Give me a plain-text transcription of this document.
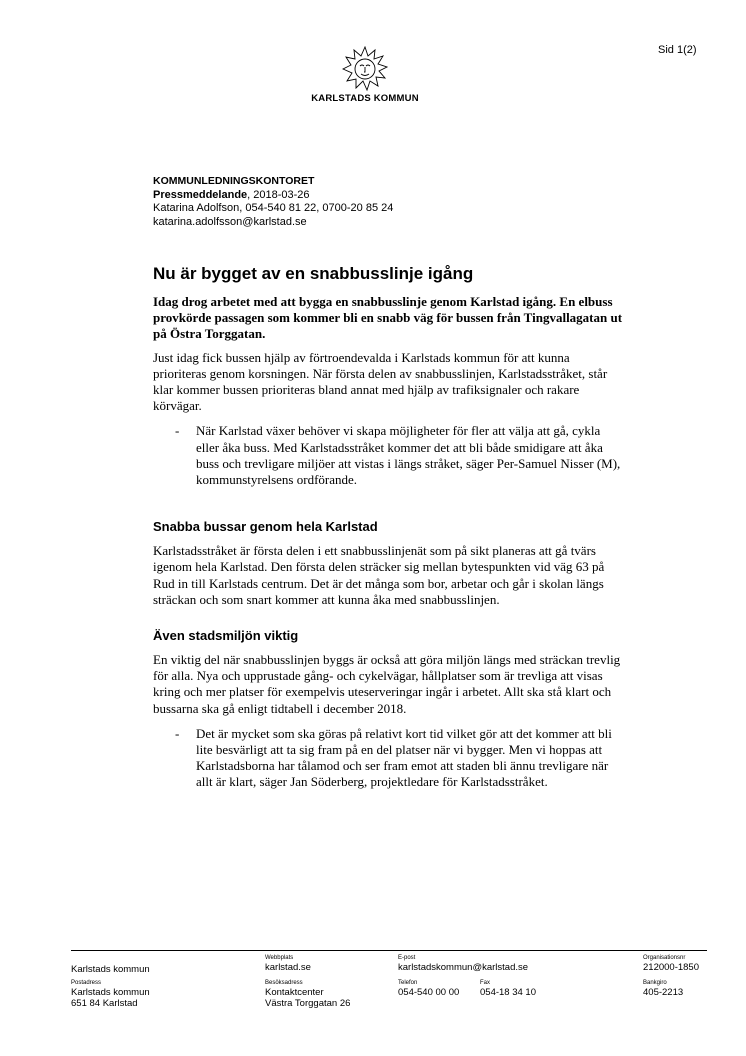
Sid 1(2)
KARLSTADS KOMMUN
KOMMUNLEDNINGSKONTORET
Pressmeddelande, 2018-03-26
Katarina Adolfson, 054-540 81 22, 0700-20 85 24
katarina.adolfsson@karlstad.se
Nu är bygget av en snabbusslinje igång

Idag drog arbetet med att bygga en snabbusslinje genom Karlstad igång. En elbuss provkörde passagen som kommer bli en snabb väg för bussen från Tingvallagatan ut på Östra Torggatan.

Just idag fick bussen hjälp av förtroendevalda i Karlstads kommun för att kunna prioriteras genom korsningen. När första delen av snabbusslinjen, Karlstadsstråket, står klar kommer bussen prioriteras bland annat med hjälp av trafiksignaler och rakare körvägar.

- När Karlstad växer behöver vi skapa möjligheter för fler att välja att gå, cykla eller åka buss. Med Karlstadsstråket kommer det att bli både smidigare att åka buss och trevligare miljöer att vistas i längs stråket, säger Per-Samuel Nisser (M), kommunstyrelsens ordförande.
Snabba bussar genom hela Karlstad

Karlstadsstråket är första delen i ett snabbusslinjenät som på sikt planeras att gå tvärs igenom hela Karlstad. Den första delen sträcker sig mellan bytespunkten vid väg 63 på Rud in till Karlstads centrum. Det är det många som bor, arbetar och går i skolan längs sträckan och som snart kommer att kunna åka med snabbusslinjen.

Även stadsmiljön viktig

En viktig del när snabbusslinjen byggs är också att göra miljön längs med sträckan trevlig för alla. Nya och upprustade gång- och cykelvägar, hållplatser som är trevliga att visas kring och mer platser för exempelvis uteserveringar ingår i arbetet. Allt ska stå klart och bussarna ska gå enligt tidtabell i december 2018.

- Det är mycket som ska göras på relativt kort tid vilket gör att det kommer att bli lite besvärligt att ta sig fram på en del platser när vi bygger. Men vi hoppas att Karlstadsborna har tålamod och ser fram emot att staden bli ännu trevligare när allt är klart, säger Jan Söderberg, projektledare för Karlstadsstråket.
Karlstads kommun
Webbplats
karlstad.se
E-post
karlstadskommun@karlstad.se
Organisationsnr
212000-1850
Postadress
Karlstads kommun
651 84 Karlstad
Besöksadress
Kontaktcenter
Västra Torggatan 26
Telefon
054-540 00 00
Fax
054-18 34 10
Bankgiro
405-2213
